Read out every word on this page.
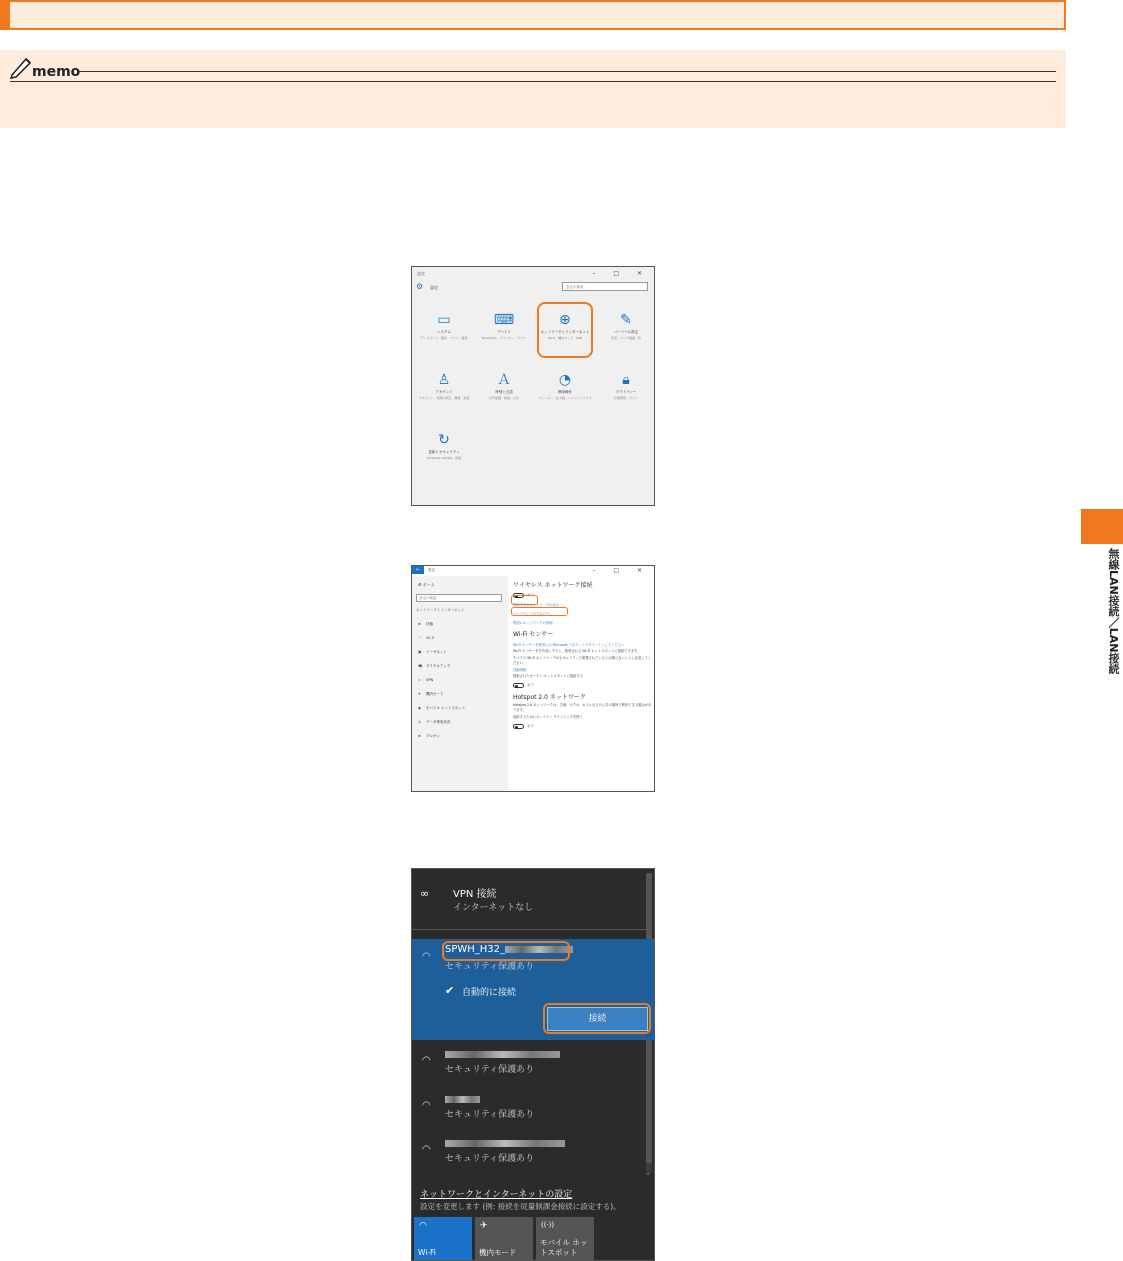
memo
無線LAN接続／LAN接続
設定	– □ ✕
⚙ 設定	設定の検索
▭
システム
ディスプレイ、通知、アプリ、電源
⌨
デバイス
Bluetooth、プリンター、マウス
⊕
ネットワークとインターネット
Wi-Fi、機内モード、VPN
✎
パーソナル設定
背景、ロック画面、色
♙
アカウント
アカウント、同期の設定、職場、家族
Ａ
時刻と言語
音声認識、地域、日付
◔
簡単操作
ナレーター、拡大鏡、ハイコントラスト
🔒︎
プライバシー
位置情報、カメラ
↻
更新とセキュリティ
Windows Update、回復
←	設定	– □ ✕
⚙ ホーム
設定の検索
ネットワークとインターネット
⊕ 状態
◠ Wi-Fi
▣ イーサネット
☎ ダイヤルアップ
∞ VPN
✈ 機内モード
◉ モバイル ホットスポット
◷ データ使用状況
⊕ プロキシ
ワイヤレス ネットワーク接続
オフ
利用できるネットワークの表示
ハードウェアのプロパティ
既知のネットワークの管理
Wi-Fi センサー
Wi-Fi センサーを使用には Microsoft アカウントでサインインしてください
Wi-Fi センサーをを有効にすると、推奨される Wi-Fi ホットスポットに接続できます。
すべての Wi-Fi ネットワークがセキュリティで保護されているとは限らないことに注意してください。
詳細情報
提案されたオープン ホットスポットに接続する
オフ
Hotspot 2.0 ネットワーク
Hotspot 2.0 ネットワークは、空港、ホテル、カフェなどの公共の場所で利用できる場合があります。
接続するためにオンライン サインアップを使う
オフ
⌄
∞ VPN 接続
インターネットなし
◠
SPWH_H32_
セキュリティ保護あり
✔ 自動的に接続
接続
◠
セキュリティ保護あり
◠
セキュリティ保護あり
◠
セキュリティ保護あり
ネットワークとインターネットの設定
設定を変更します (例: 接続を従量制課金接続に設定する)。
◠
Wi-Fi
✈
機内モード
((·))
モバイル ホットスポット
